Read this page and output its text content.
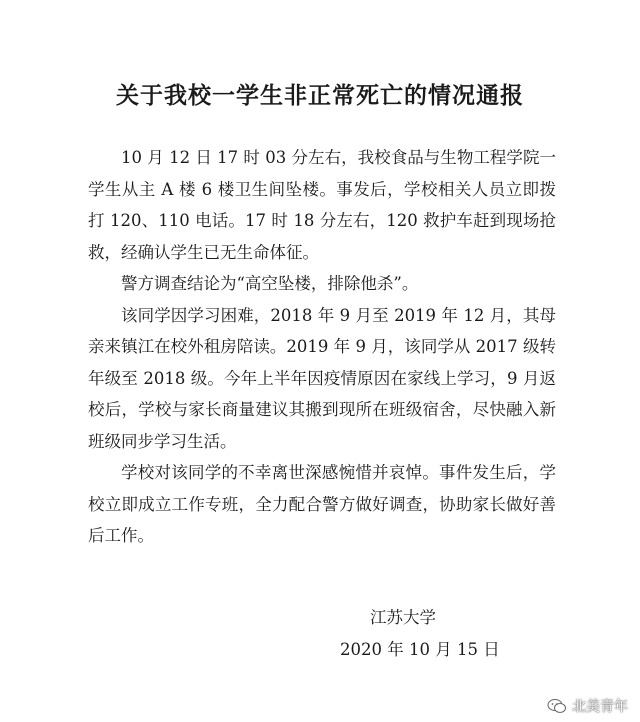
关于我校一学生非正常死亡的情况通报

10 月 12 日 17 时 03 分左右，我校食品与生物工程学院一学生从主 A 楼 6 楼卫生间坠楼。事发后，学校相关人员立即拨打 120、110 电话。17 时 18 分左右，120 救护车赶到现场抢救，经确认学生已无生命体征。

警方调查结论为“高空坠楼，排除他杀”。

该同学因学习困难，2018 年 9 月至 2019 年 12 月，其母亲来镇江在校外租房陪读。2019 年 9 月，该同学从 2017 级转年级至 2018 级。今年上半年因疫情原因在家线上学习，9 月返校后，学校与家长商量建议其搬到现所在班级宿舍，尽快融入新班级同步学习生活。

学校对该同学的不幸离世深感惋惜并哀悼。事件发生后，学校立即成立工作专班，全力配合警方做好调查，协助家长做好善后工作。

江苏大学
2020 年 10 月 15 日
北美青年
